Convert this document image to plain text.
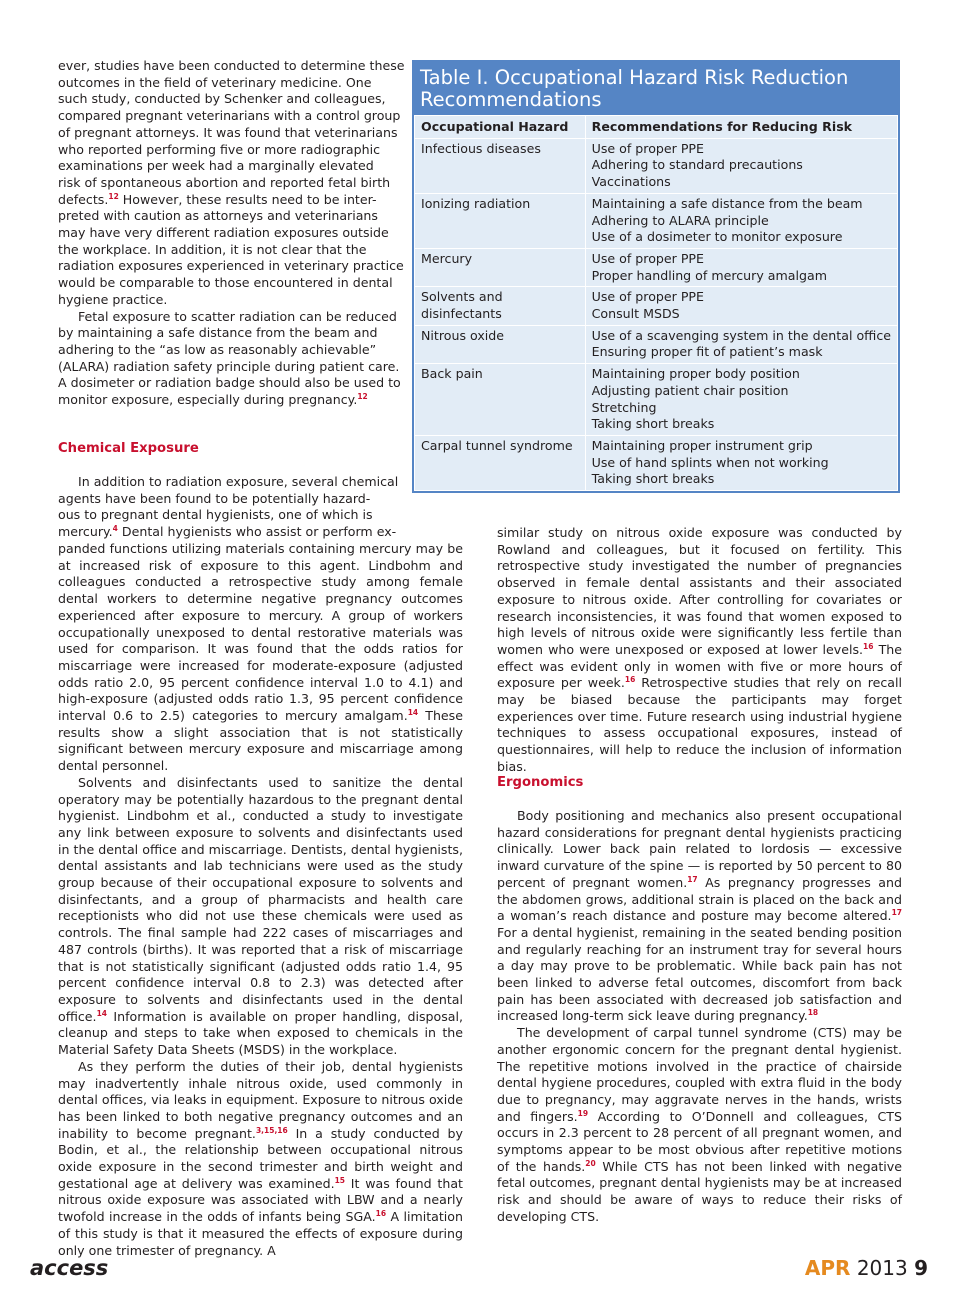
Table I. Occupational Hazard Risk Reduction Recommendations
Occupational Hazard	Recommendations for Reducing Risk
Infectious diseases	Use of proper PPE
Adhering to standard precautions
Vaccinations

Ionizing radiation	Maintaining a safe distance from the beam
Adhering to ALARA principle
Use of a dosimeter to monitor exposure

Mercury	Use of proper PPE
Proper handling of mercury amalgam

Solvents and disinfectants	Use of proper PPE
Consult MSDS

Nitrous oxide	Use of a scavenging system in the dental office
Ensuring proper fit of patient’s mask

Back pain	Maintaining proper body position
Adjusting patient chair position
Stretching
Taking short breaks

Carpal tunnel syndrome	Maintaining proper instrument grip
Use of hand splints when not working
Taking short breaks
ever, studies have been conducted to determine these
outcomes in the field of veterinary medicine. One
such study, conducted by Schenker and colleagues,
compared pregnant veterinarians with a control group
of pregnant attorneys. It was found that veterinarians
who reported performing five or more radiographic
examinations per week had a marginally elevated
risk of spontaneous abortion and reported fetal birth
defects.$^{12}$ However, these results need to be inter-
preted with caution as attorneys and veterinarians
may have very different radiation exposures outside
the workplace. In addition, it is not clear that the
radiation exposures experienced in veterinary practice
would be comparable to those encountered in dental
hygiene practice.
Fetal exposure to scatter radiation can be reduced
by maintaining a safe distance from the beam and
adhering to the “as low as reasonably achievable”
(ALARA) radiation safety principle during patient care.
A dosimeter or radiation badge should also be used to
monitor exposure, especially during pregnancy.$^{12}$
Chemical Exposure
In addition to radiation exposure, several chemical
agents have been found to be potentially hazard-
ous to pregnant dental hygienists, one of which is
mercury.$^4$ Dental hygienists who assist or perform ex-

panded functions utilizing materials containing mercury may be at increased risk of exposure to this agent. Lindbohm and colleagues conducted a retrospective study among female dental workers to determine negative pregnancy outcomes experienced after exposure to mercury. A group of workers occupationally unexposed to dental restorative materials was used for comparison. It was found that the odds ratios for miscarriage were increased for moderate-exposure (adjusted odds ratio 2.0, 95 percent confidence interval 1.0 to 4.1) and high-exposure (adjusted odds ratio 1.3, 95 percent confidence interval 0.6 to 2.5) categories to mercury amalgam.$^{14}$ These results show a slight association that is not statistically significant between mercury exposure and miscarriage among dental personnel.

Solvents and disinfectants used to sanitize the dental operatory may be potentially hazardous to the pregnant dental hygienist. Lindbohm et al., conducted a study to investigate any link between exposure to solvents and disinfectants used in the dental office and miscarriage. Dentists, dental hygienists, dental assistants and lab technicians were used as the study group because of their occupational exposure to solvents and disinfectants, and a group of pharmacists and health care receptionists who did not use these chemicals were used as controls. The final sample had 222 cases of miscarriages and 487 controls (births). It was reported that a risk of miscarriage that is not statistically significant (adjusted odds ratio 1.4, 95 percent confidence interval 0.8 to 2.3) was detected after exposure to solvents and disinfectants used in the dental office.$^{14}$ Information is available on proper handling, disposal, cleanup and steps to take when exposed to chemicals in the Material Safety Data Sheets (MSDS) in the workplace.

As they perform the duties of their job, dental hygienists may inadvertently inhale nitrous oxide, used commonly in dental offices, via leaks in equipment. Exposure to nitrous oxide has been linked to both negative pregnancy outcomes and an inability to become pregnant.$^{3,15,16}$ In a study conducted by Bodin, et al., the relationship between occupational nitrous oxide exposure in the second trimester and birth weight and gestational age at delivery was examined.$^{15}$ It was found that nitrous oxide exposure was associated with LBW and a nearly twofold increase in the odds of infants being SGA.$^{16}$ A limitation of this study is that it measured the effects of exposure during only one trimester of pregnancy. A

similar study on nitrous oxide exposure was conducted by Rowland and colleagues, but it focused on fertility. This retrospective study investigated the number of pregnancies observed in female dental assistants and their associated exposure to nitrous oxide. After controlling for covariates or research inconsistencies, it was found that women exposed to high levels of nitrous oxide were significantly less fertile than women who were unexposed or exposed at lower levels.$^{16}$ The effect was evident only in women with five or more hours of exposure per week.$^{16}$ Retrospective studies that rely on recall may be biased because the participants may forget experiences over time. Future research using industrial hygiene techniques to assess occupational exposures, instead of questionnaires, will help to reduce the inclusion of information bias.

Ergonomics

Body positioning and mechanics also present occupational hazard considerations for pregnant dental hygienists practicing clinically. Lower back pain related to lordosis — excessive inward curvature of the spine — is reported by 50 percent to 80 percent of pregnant women.$^{17}$ As pregnancy progresses and the abdomen grows, additional strain is placed on the back and a woman’s reach distance and posture may become altered.$^{17}$ For a dental hygienist, remaining in the seated bending position and regularly reaching for an instrument tray for several hours a day may prove to be problematic. While back pain has not been linked to adverse fetal outcomes, discomfort from back pain has been associated with decreased job satisfaction and increased long-term sick leave during pregnancy.$^{18}$

The development of carpal tunnel syndrome (CTS) may be another ergonomic concern for the pregnant dental hygienist. The repetitive motions involved in the practice of chairside dental hygiene procedures, coupled with extra fluid in the body due to pregnancy, may aggravate nerves in the hands, wrists and fingers.$^{19}$ According to O’Donnell and colleagues, CTS occurs in 2.3 percent to 28 percent of all pregnant women, and symptoms appear to be most obvious after repetitive motions of the hands.$^{20}$ While CTS has not been linked with negative fetal outcomes, pregnant dental hygienists may be at increased risk and should be aware of ways to reduce their risks of developing CTS.

access	APR 2013 9
